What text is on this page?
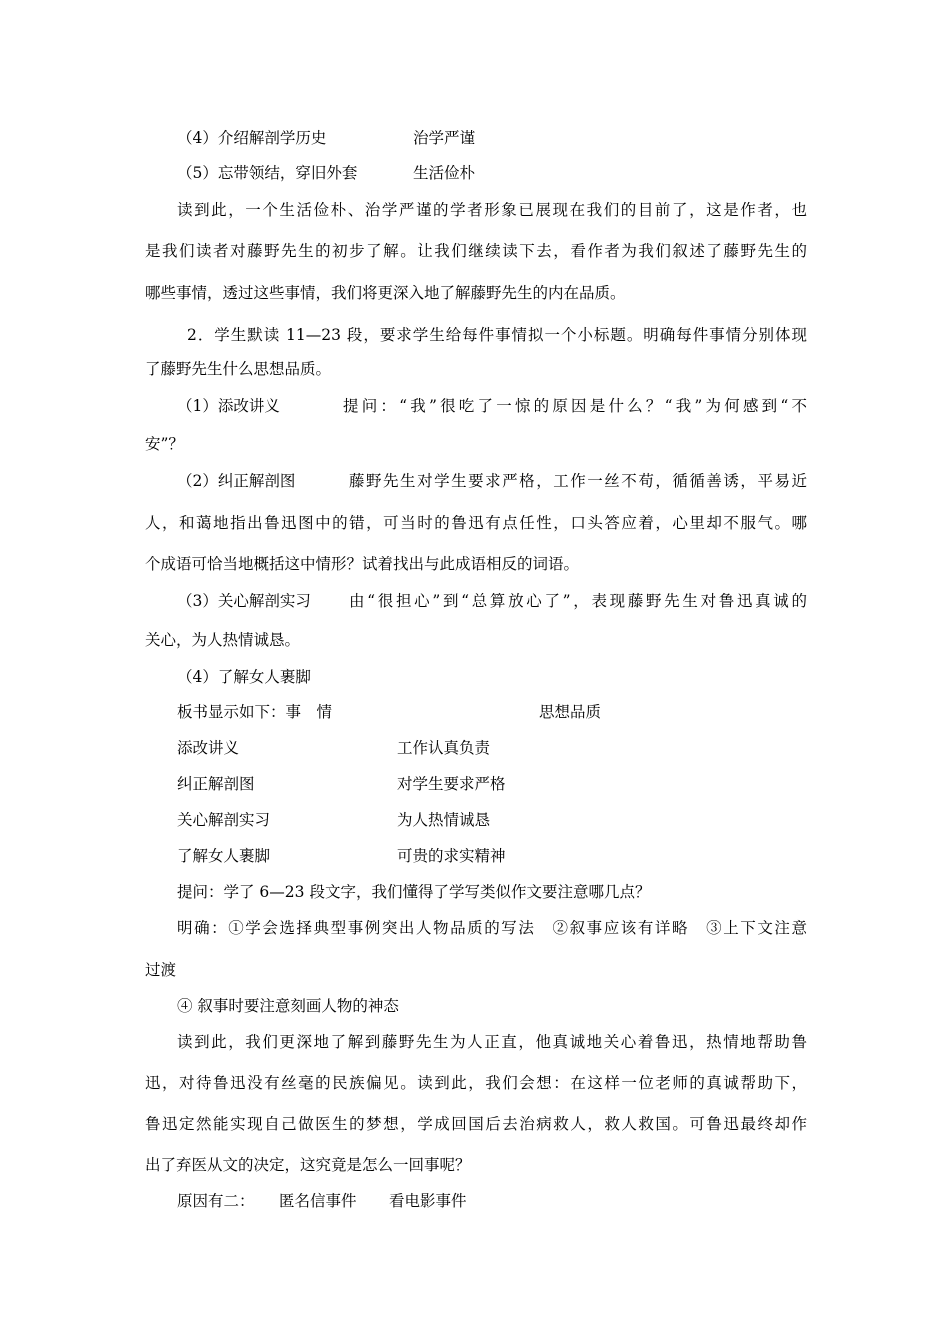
（4）介绍解剖学历史	治学严谨
（5）忘带领结，穿旧外套	生活俭朴
读到此，一个生活俭朴、治学严谨的学者形象已展现在我们的目前了，这是作者，也
是我们读者对藤野先生的初步了解。让我们继续读下去，看作者为我们叙述了藤野先生的
哪些事情，透过这些事情，我们将更深入地了解藤野先生的内在品质。
2．学生默读 11—23 段，要求学生给每件事情拟一个小标题。明确每件事情分别体现
了藤野先生什么思想品质。
（1）添改讲义	提问：“我”很吃了一惊的原因是什么？“我”为何感到“不
安”？
（2）纠正解剖图	藤野先生对学生要求严格，工作一丝不苟，循循善诱，平易近
人，和蔼地指出鲁迅图中的错，可当时的鲁迅有点任性，口头答应着，心里却不服气。哪
个成语可恰当地概括这中情形？试着找出与此成语相反的词语。
（3）关心解剖实习 由“很担心”到“总算放心了”，表现藤野先生对鲁迅真诚的
关心，为人热情诚恳。
（4）了解女人裹脚
板书显示如下：事　情	思想品质
添改讲义	工作认真负责
纠正解剖图	对学生要求严格
关心解剖实习	为人热情诚恳
了解女人裹脚	可贵的求实精神
提问：学了 6—23 段文字，我们懂得了学写类似作文要注意哪几点？
明确：①学会选择典型事例突出人物品质的写法　②叙事应该有详略　③上下文注意
过渡
④ 叙事时要注意刻画人物的神态
读到此，我们更深地了解到藤野先生为人正直，他真诚地关心着鲁迅，热情地帮助鲁
迅，对待鲁迅没有丝毫的民族偏见。读到此，我们会想：在这样一位老师的真诚帮助下，
鲁迅定然能实现自己做医生的梦想，学成回国后去治病救人，救人救国。可鲁迅最终却作
出了弃医从文的决定，这究竟是怎么一回事呢？
原因有二： 匿名信事件 看电影事件
